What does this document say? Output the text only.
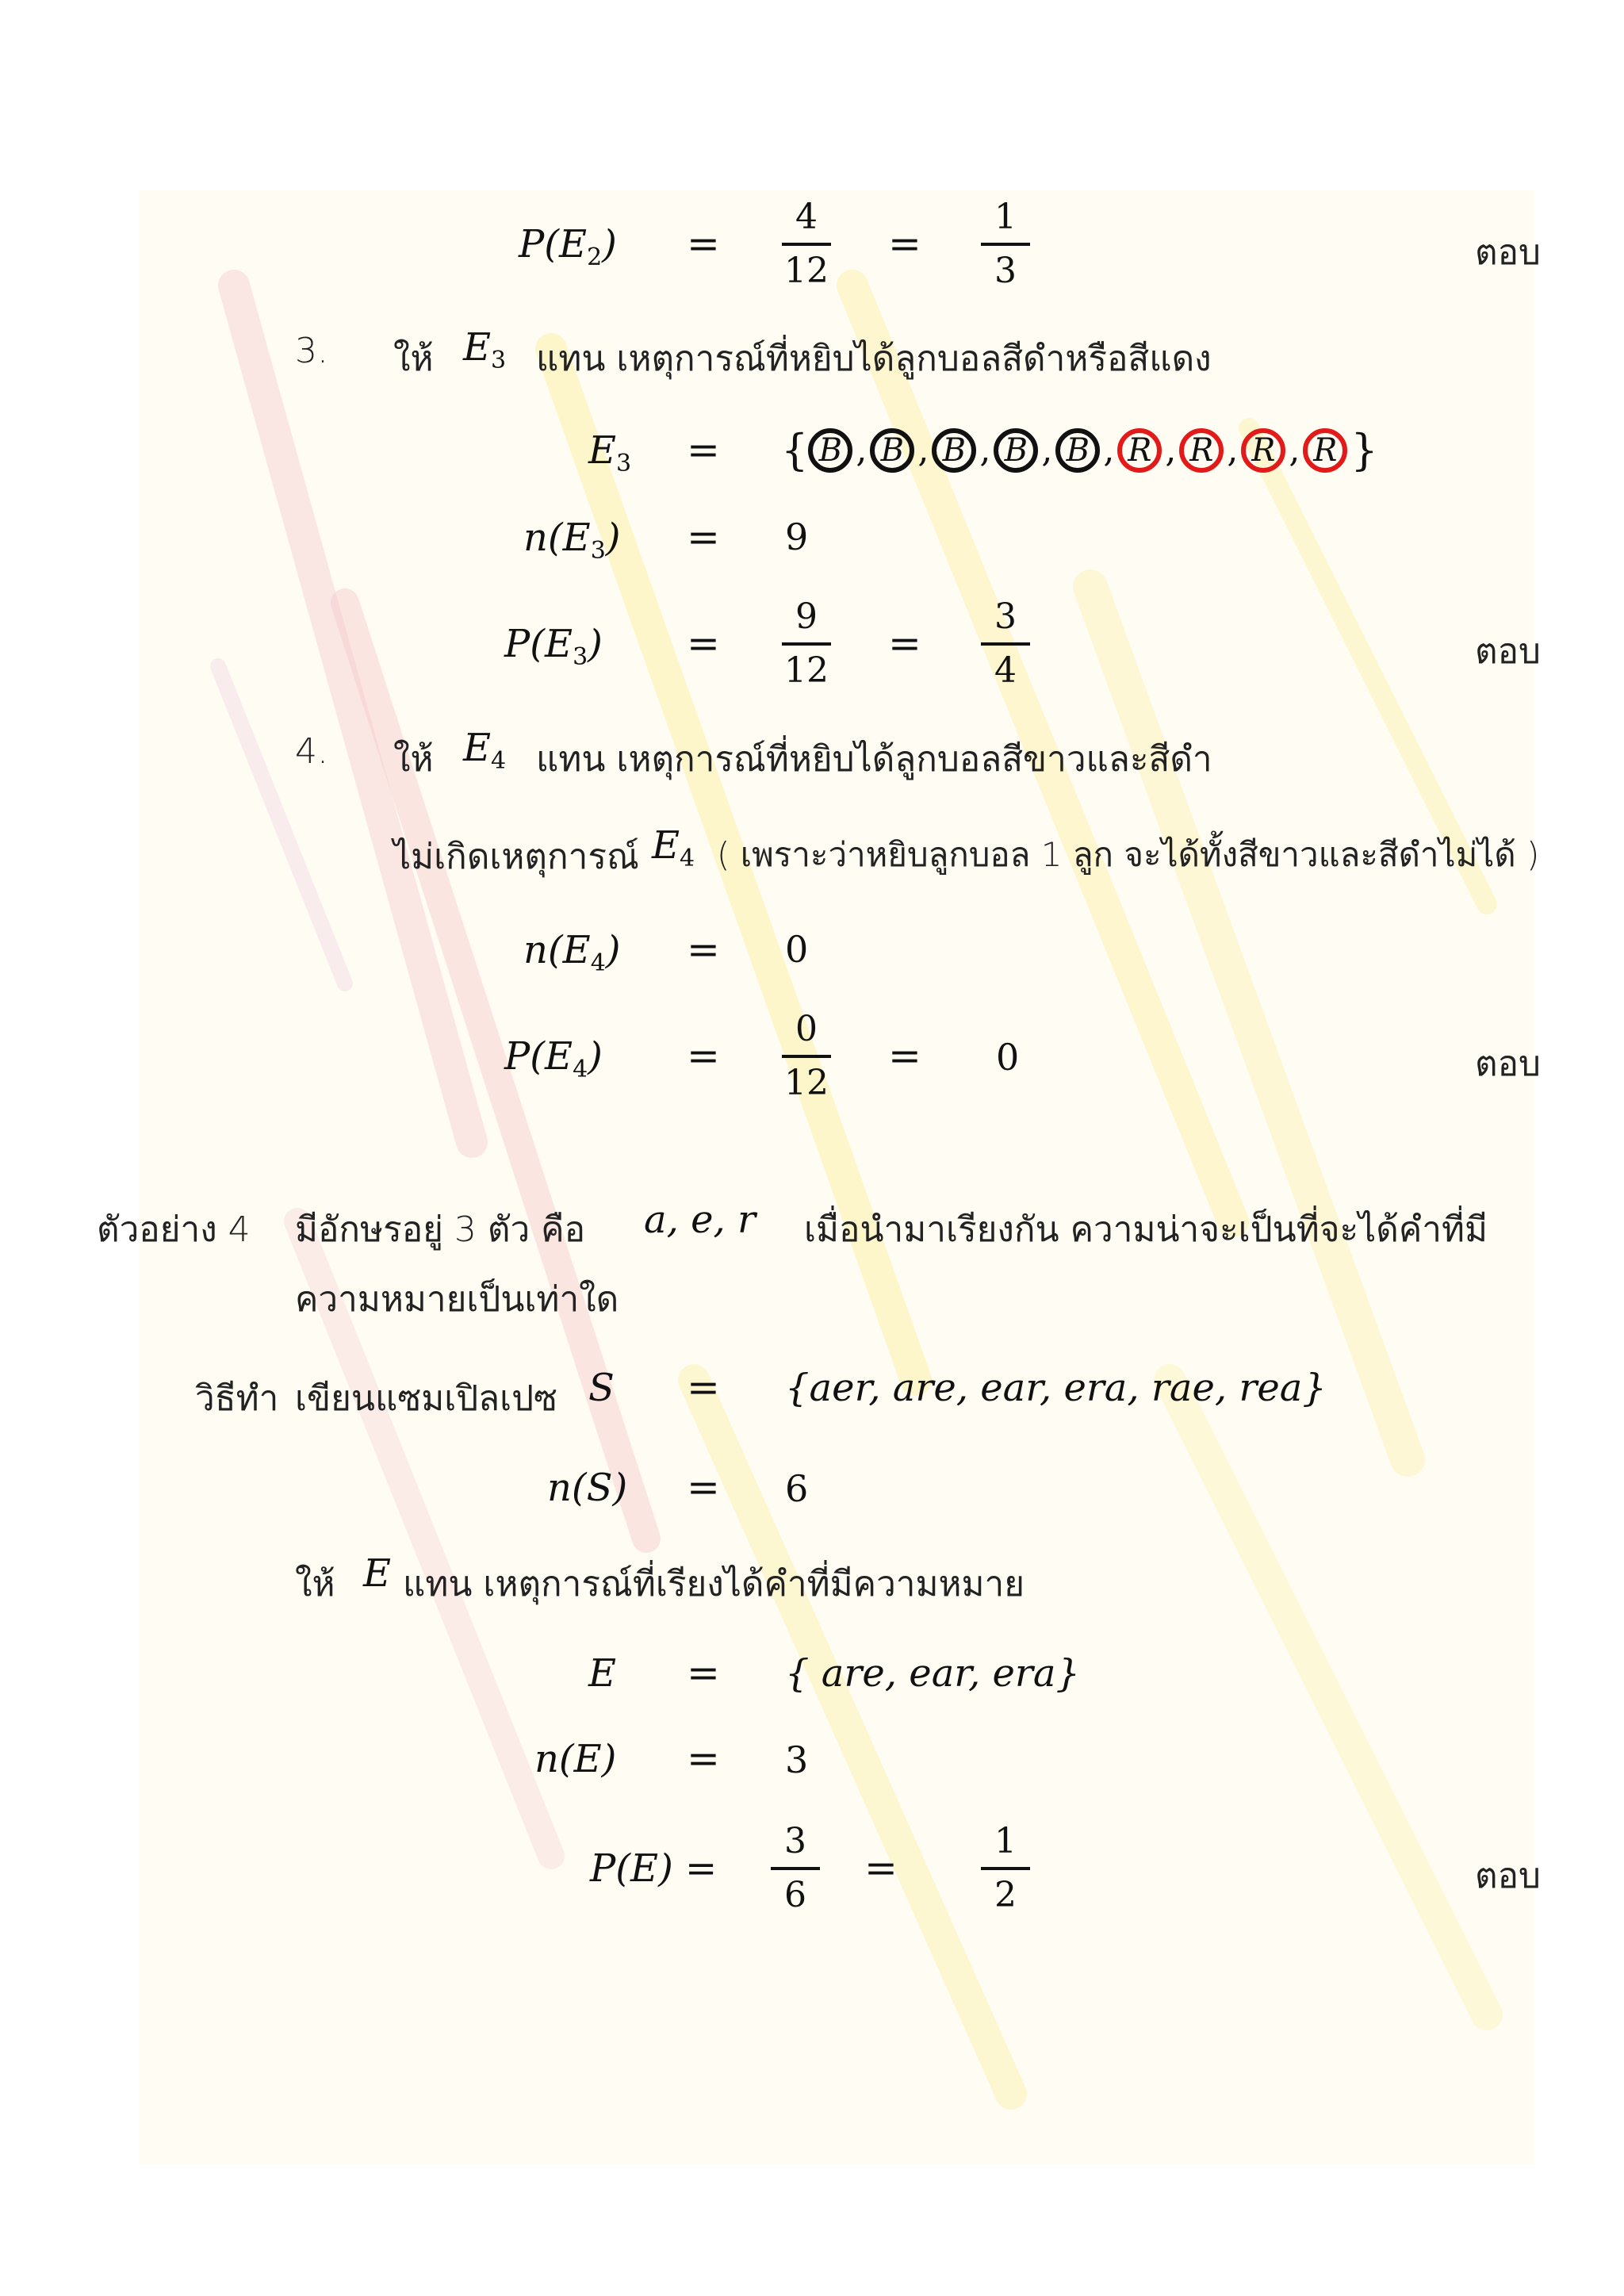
$P(E_2)$ =
4
12
=
1
3	ตอบ
3. ให้ $E_3$ แทน เหตุการณ์ที่หยิบได้ลูกบอลสีดำหรือสีแดง
$E_3$ = { B , B , B , B , B , R , R , R , R }
$n(E_3) = 9$
$P(E_3)$ =
9
12
=
3
4	ตอบ
4. ให้ $E_4$ แทน เหตุการณ์ที่หยิบได้ลูกบอลสีขาวและสีดำ
ไม่เกิดเหตุการณ์ $E_4$ ( เพราะว่าหยิบลูกบอล 1 ลูก จะได้ทั้งสีขาวและสีดำไม่ได้ )
$n(E_4) = 0$
$P(E_4)$ =
0
12
= 0	ตอบ
ตัวอย่าง 4 มีอักษรอยู่ 3 ตัว คือ a, e, r เมื่อนำมาเรียงกัน ความน่าจะเป็นที่จะได้คำที่มี
ความหมายเป็นเท่าใด
วิธีทำ เขียนแซมเปิลเปซ S = {aer, are, ear, era, rae, rea}
n(S) = 6
ให้ E แทน เหตุการณ์ที่เรียงได้คำที่มีความหมาย
E = { are, ear, era}
n(E) = 3
P(E) =
3
6
=
1
2	ตอบ
